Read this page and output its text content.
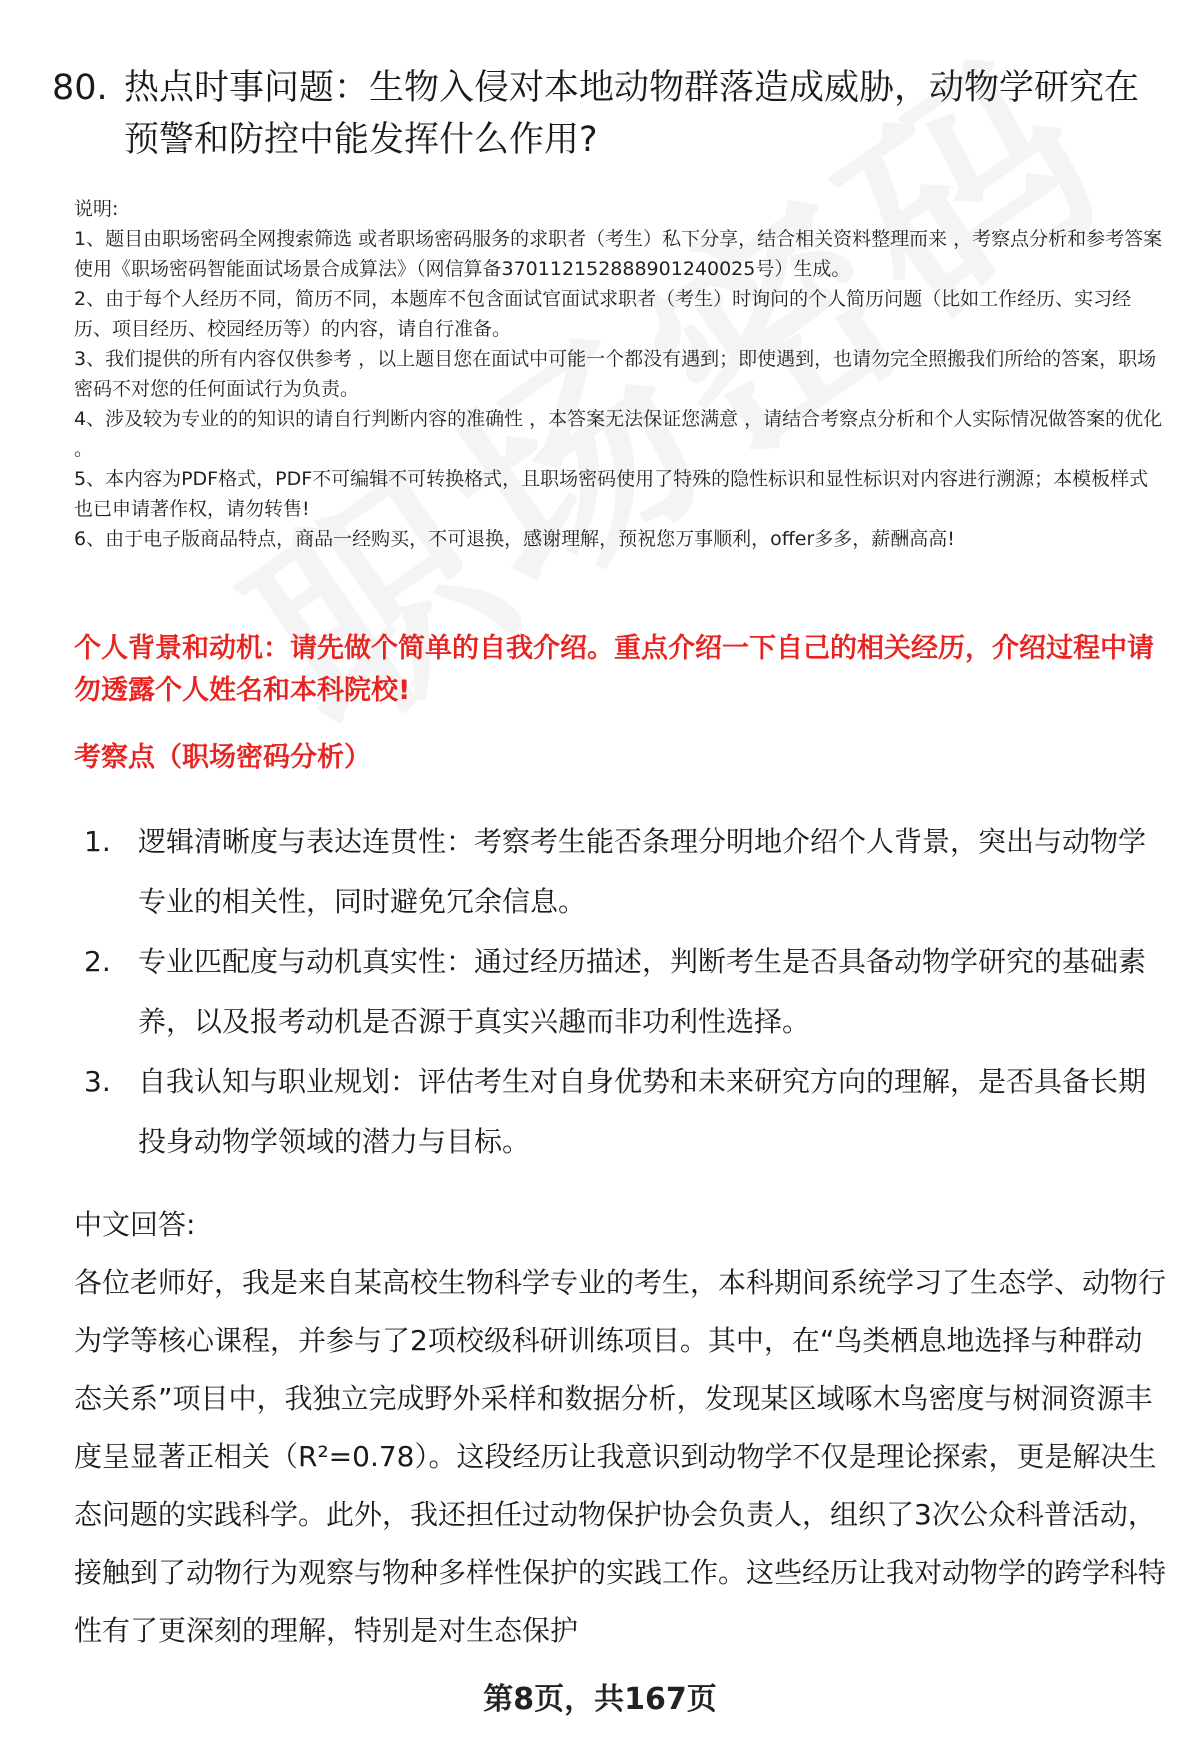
80. 热点时事问题：生物入侵对本地动物群落造成威胁，动物学研究在预警和防控中能发挥什么作用?

说明:

1、题目由职场密码全网搜索筛选 或者职场密码服务的求职者（考生）私下分享，结合相关资料整理而来 ，考察点分析和参考答案使用《职场密码智能面试场景合成算法》（网信算备370112152888901240025号）生成。

2、由于每个人经历不同，简历不同，本题库不包含面试官面试求职者（考生）时询问的个人简历问题（比如工作经历、实习经历、项目经历、校园经历等）的内容，请自行准备。

3、我们提供的所有内容仅供参考 ，以上题目您在面试中可能一个都没有遇到；即使遇到，也请勿完全照搬我们所给的答案，职场密码不对您的任何面试行为负责。

4、涉及较为专业的的知识的请自行判断内容的准确性 ，本答案无法保证您满意 ，请结合考察点分析和个人实际情况做答案的优化 。

5、本内容为PDF格式，PDF不可编辑不可转换格式，且职场密码使用了特殊的隐性标识和显性标识对内容进行溯源；本模板样式也已申请著作权，请勿转售!

6、由于电子版商品特点，商品一经购买，不可退换，感谢理解，预祝您万事顺利，offer多多，薪酬高高!

个人背景和动机：请先做个简单的自我介绍。重点介绍一下自己的相关经历，介绍过程中请勿透露个人姓名和本科院校!
考察点（职场密码分析）
1. 逻辑清晰度与表达连贯性：考察考生能否条理分明地介绍个人背景，突出与动物学专业的相关性，同时避免冗余信息。
2. 专业匹配度与动机真实性：通过经历描述，判断考生是否具备动物学研究的基础素养，以及报考动机是否源于真实兴趣而非功利性选择。
3. 自我认知与职业规划：评估考生对自身优势和未来研究方向的理解，是否具备长期投身动物学领域的潜力与目标。

中文回答:

各位老师好，我是来自某高校生物科学专业的考生，本科期间系统学习了生态学、动物行为学等核心课程，并参与了2项校级科研训练项目。其中，在“鸟类栖息地选择与种群动态关系”项目中，我独立完成野外采样和数据分析，发现某区域啄木鸟密度与树洞资源丰度呈显著正相关（R²=0.78）。这段经历让我意识到动物学不仅是理论探索，更是解决生态问题的实践科学。此外，我还担任过动物保护协会负责人，组织了3次公众科普活动，接触到了动物行为观察与物种多样性保护的实践工作。这些经历让我对动物学的跨学科特性有了更深刻的理解，特别是对生态保护

第8页，共167页
